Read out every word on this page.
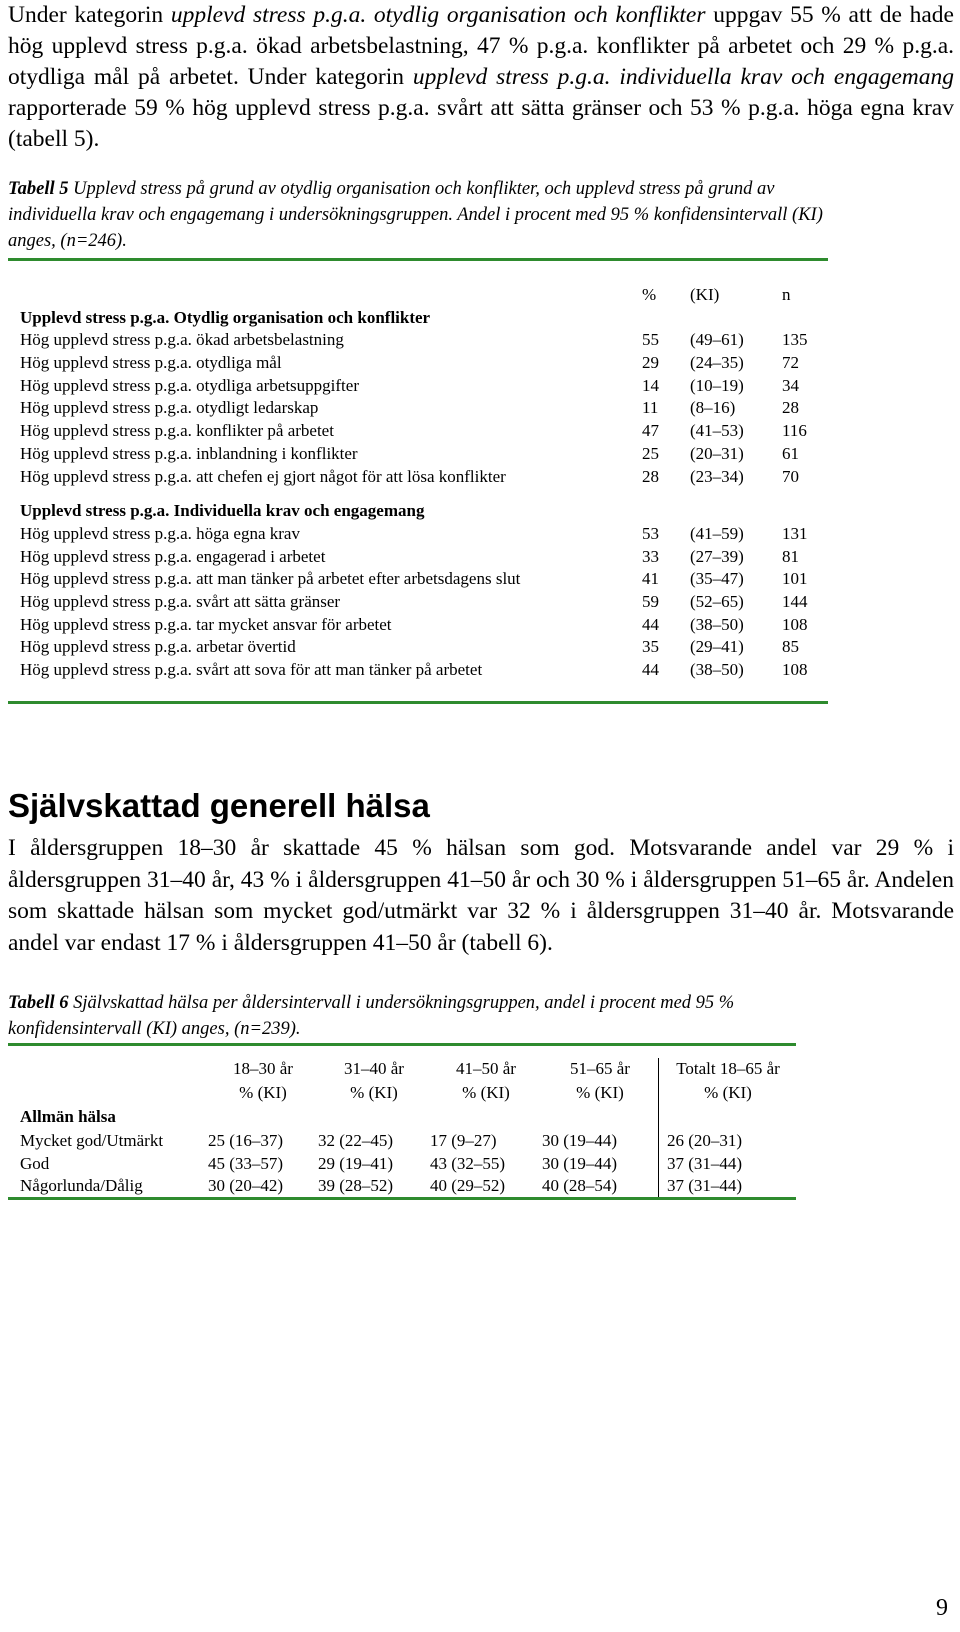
Under kategorin upplevd stress p.g.a. otydlig organisation och konflikter uppgav 55 % att de hade hög upplevd stress p.g.a. ökad arbetsbelastning, 47 % p.g.a. konflikter på arbetet och 29 % p.g.a. otydliga mål på arbetet. Under kategorin upplevd stress p.g.a. individuella krav och engagemang rapporterade 59 % hög upplevd stress p.g.a. svårt att sätta gränser och 53 % p.g.a. höga egna krav (tabell 5).
Tabell 5 Upplevd stress på grund av otydlig organisation och konflikter, och upplevd stress på grund av individuella krav och engagemang i undersökningsgruppen. Andel i procent med 95 % konfidensintervall (KI) anges, (n=246).
	%	(KI)	n
Upplevd stress p.g.a. Otydlig organisation och konflikter			
Hög upplevd stress p.g.a. ökad arbetsbelastning	55	(49–61)	135
Hög upplevd stress p.g.a. otydliga mål	29	(24–35)	72
Hög upplevd stress p.g.a. otydliga arbetsuppgifter	14	(10–19)	34
Hög upplevd stress p.g.a. otydligt ledarskap	11	(8–16)	28
Hög upplevd stress p.g.a. konflikter på arbetet	47	(41–53)	116
Hög upplevd stress p.g.a. inblandning i konflikter	25	(20–31)	61
Hög upplevd stress p.g.a. att chefen ej gjort något för att lösa konflikter	28	(23–34)	70

Upplevd stress p.g.a. Individuella krav och engagemang			
Hög upplevd stress p.g.a. höga egna krav	53	(41–59)	131
Hög upplevd stress p.g.a. engagerad i arbetet	33	(27–39)	81
Hög upplevd stress p.g.a. att man tänker på arbetet efter arbetsdagens slut	41	(35–47)	101
Hög upplevd stress p.g.a. svårt att sätta gränser	59	(52–65)	144
Hög upplevd stress p.g.a. tar mycket ansvar för arbetet	44	(38–50)	108
Hög upplevd stress p.g.a. arbetar övertid	35	(29–41)	85
Hög upplevd stress p.g.a. svårt att sova för att man tänker på arbetet	44	(38–50)	108
Självskattad generell hälsa
I åldersgruppen 18–30 år skattade 45 % hälsan som god. Motsvarande andel var 29 % i åldersgruppen 31–40 år, 43 % i åldersgruppen 41–50 år och 30 % i åldersgruppen 51–65 år. Andelen som skattade hälsan som mycket god/utmärkt var 32 % i åldersgruppen 31–40 år. Motsvarande andel var endast 17 % i åldersgruppen 41–50 år (tabell 6).
Tabell 6 Självskattad hälsa per åldersintervall i undersökningsgruppen, andel i procent med 95 % konfidensintervall (KI) anges, (n=239).
	18–30 år	31–40 år	41–50 år	51–65 år	Totalt 18–65 år
	% (KI)	% (KI)	% (KI)	% (KI)	% (KI)
Allmän hälsa					
Mycket god/Utmärkt	25 (16–37)	32 (22–45)	17 (9–27)	30 (19–44)	26 (20–31)
God	45 (33–57)	29 (19–41)	43 (32–55)	30 (19–44)	37 (31–44)
Någorlunda/Dålig	30 (20–42)	39 (28–52)	40 (29–52)	40 (28–54)	37 (31–44)
9
